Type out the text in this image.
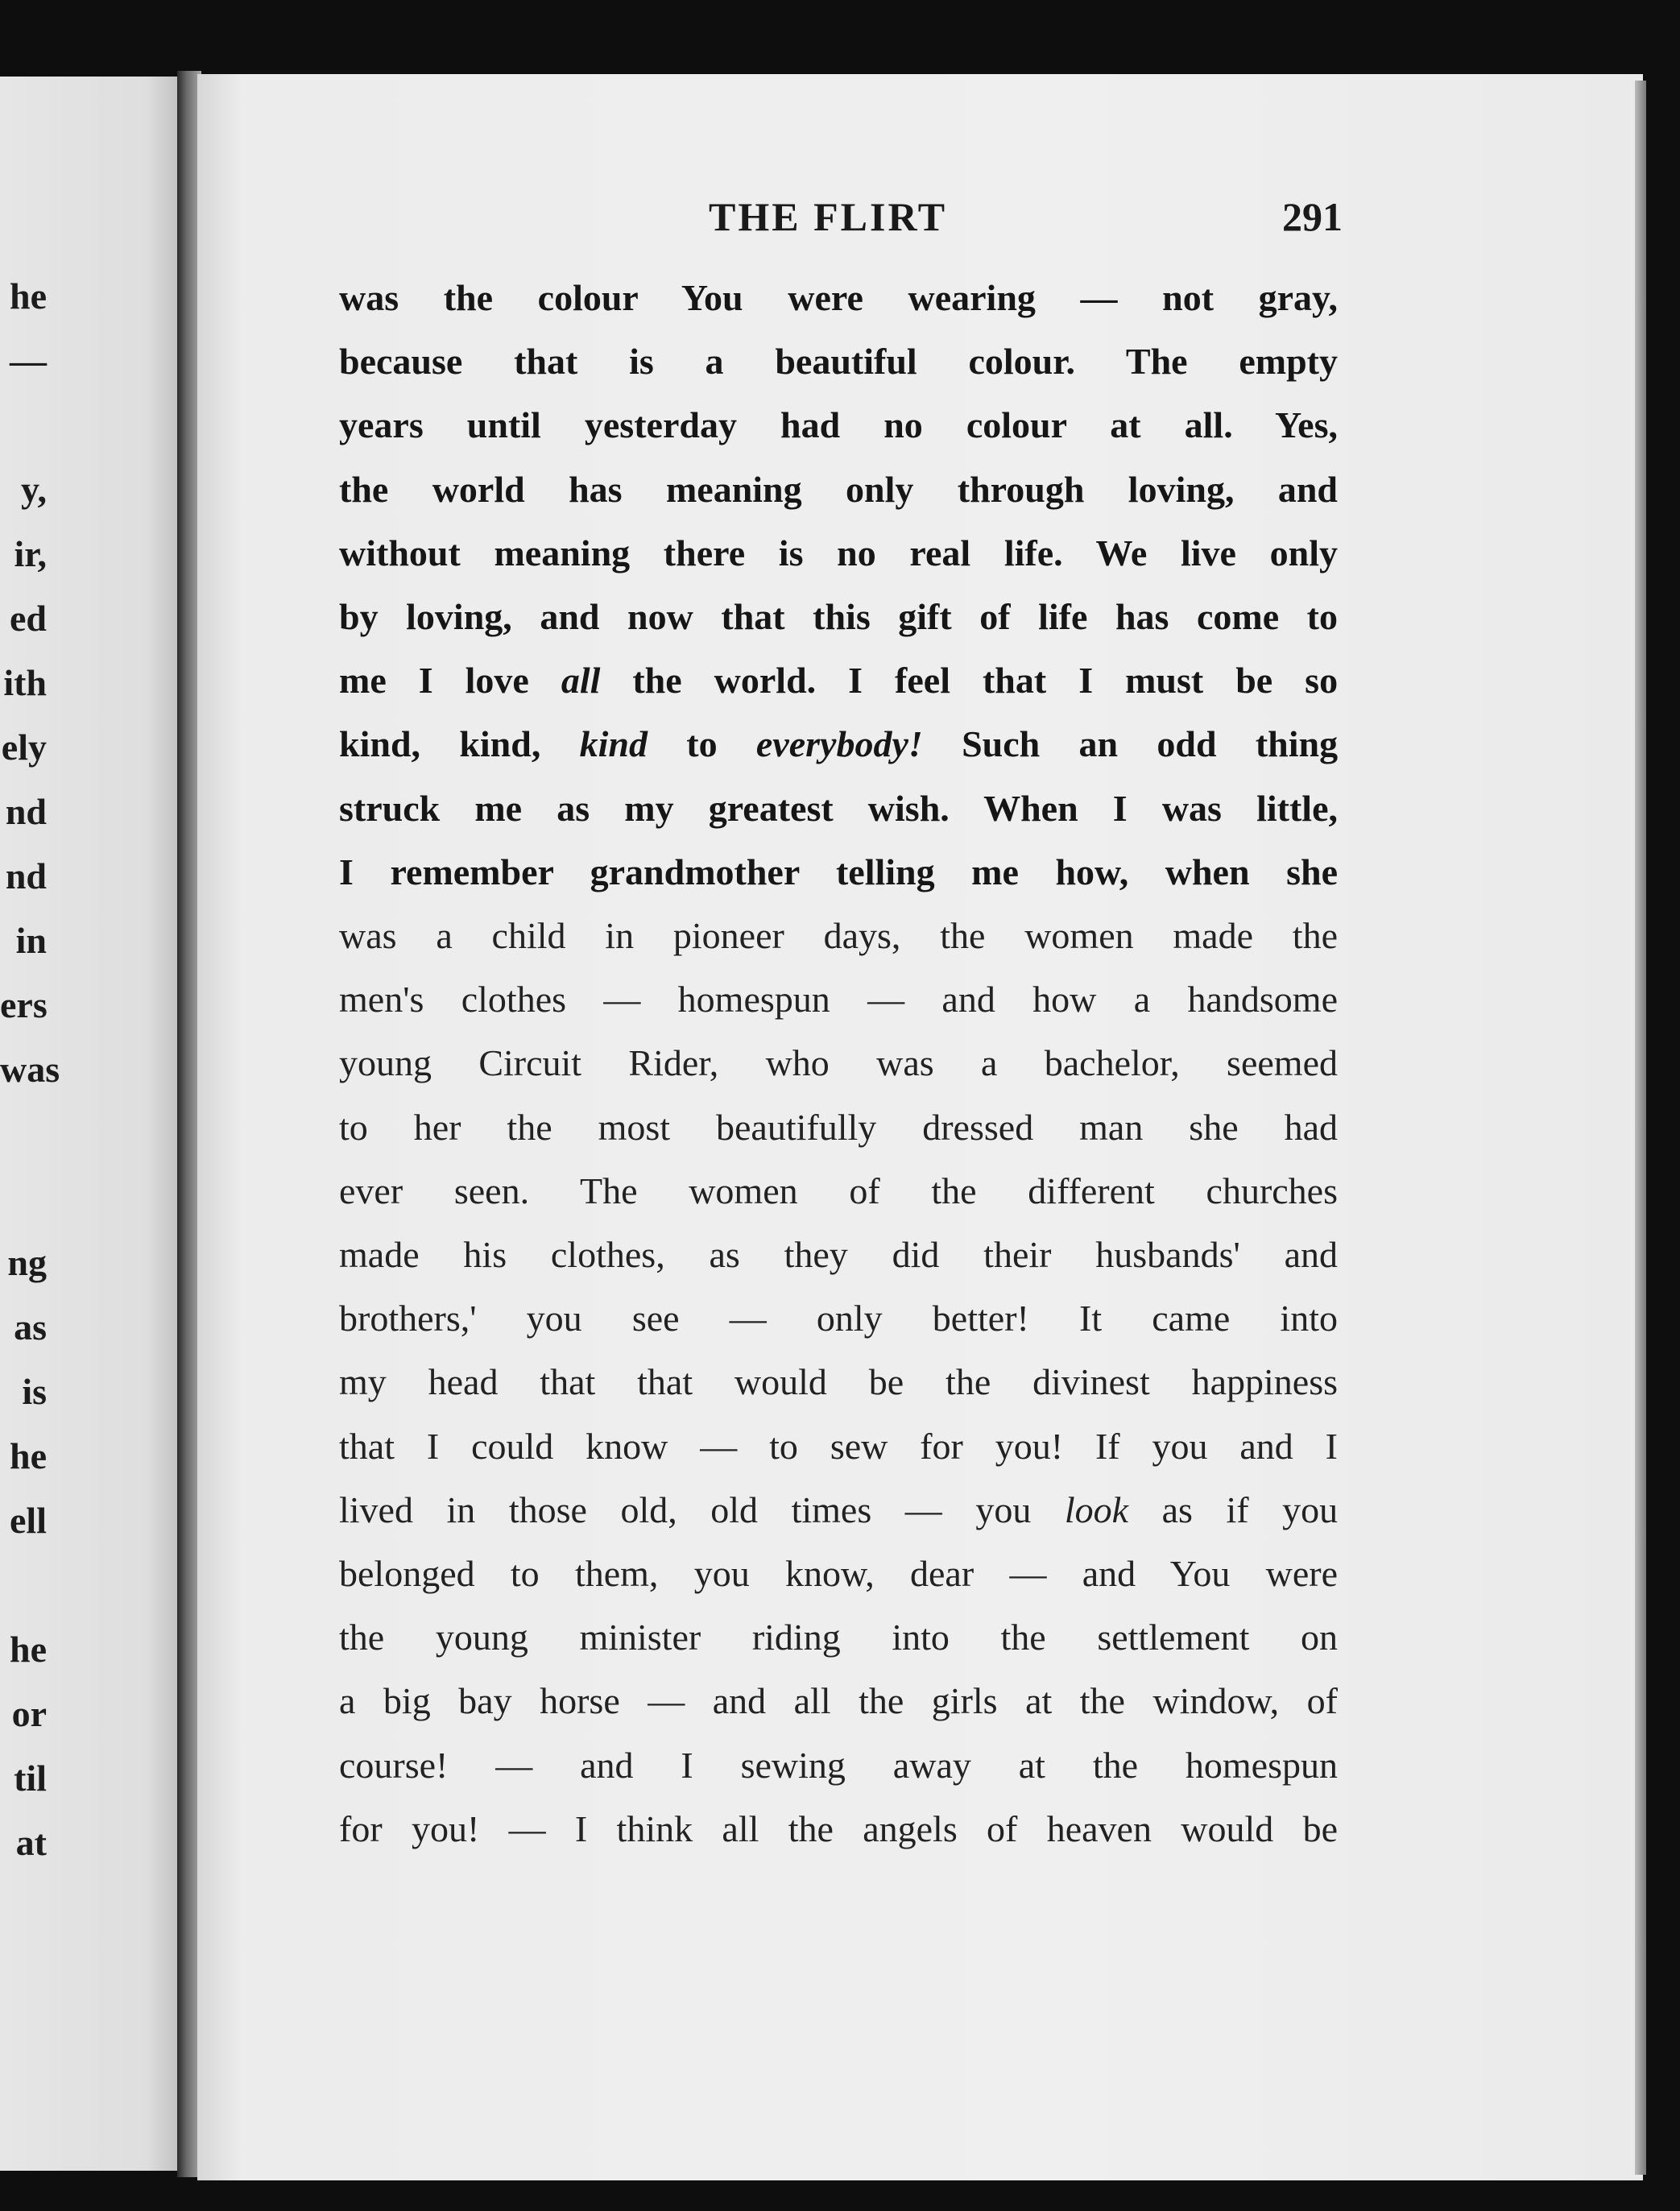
he
—
y,
ir,
ed
ith
ely
nd
nd
in
ers
was
ng
as
is
he
ell
he
or
til
at
THE FLIRT	291
was the colour You were wearing — not gray,
because that is a beautiful colour. The empty
years until yesterday had no colour at all. Yes,
the world has meaning only through loving, and
without meaning there is no real life. We live only
by loving, and now that this gift of life has come to
me I love all the world. I feel that I must be so
kind, kind, kind to everybody! Such an odd thing
struck me as my greatest wish. When I was little,
I remember grandmother telling me how, when she
was a child in pioneer days, the women made the
men's clothes — homespun — and how a handsome
young Circuit Rider, who was a bachelor, seemed
to her the most beautifully dressed man she had
ever seen. The women of the different churches
made his clothes, as they did their husbands' and
brothers,' you see — only better! It came into
my head that that would be the divinest happiness
that I could know — to sew for you! If you and I
lived in those old, old times — you look as if you
belonged to them, you know, dear — and You were
the young minister riding into the settlement on
a big bay horse — and all the girls at the window, of
course! — and I sewing away at the homespun
for you! — I think all the angels of heaven would be
